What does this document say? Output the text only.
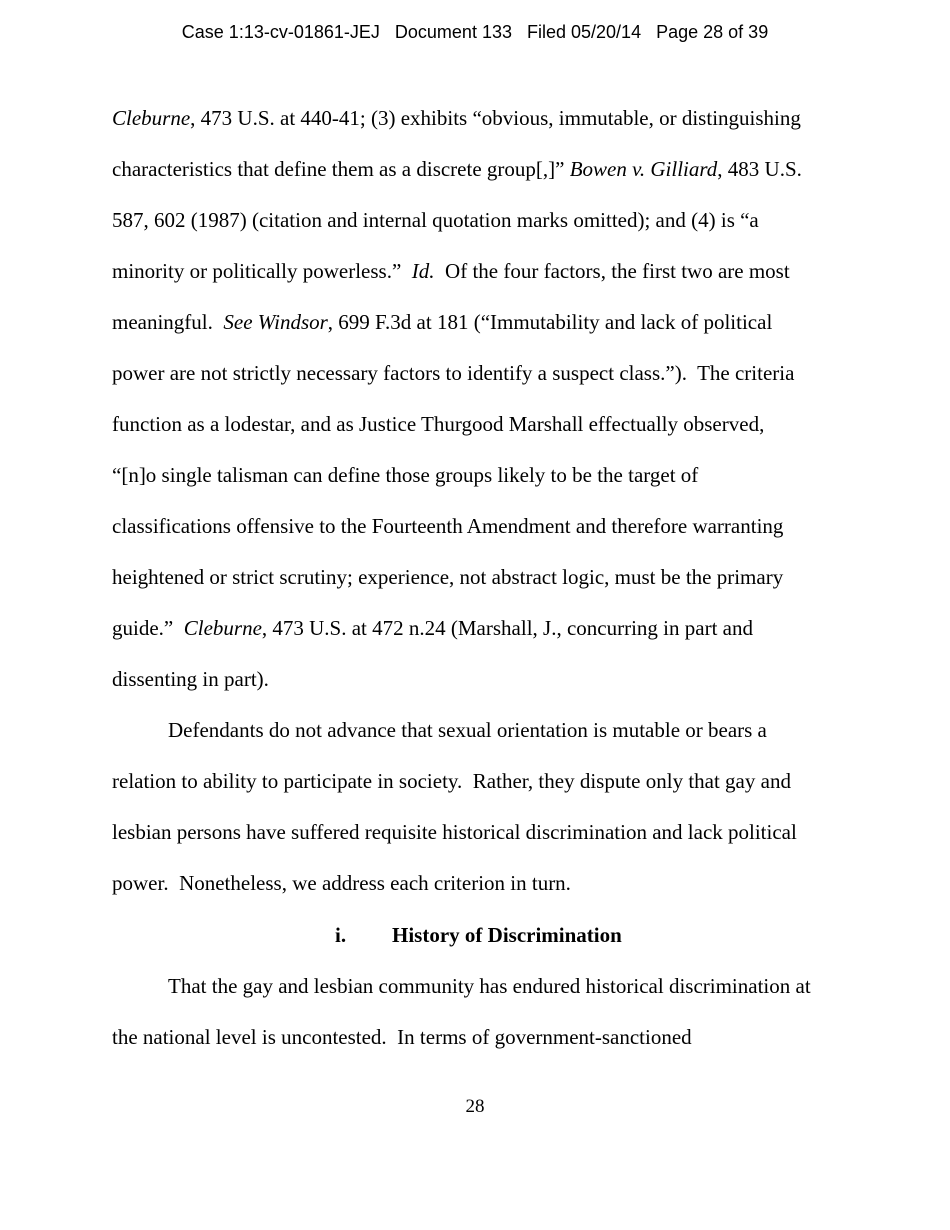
Case 1:13-cv-01861-JEJ Document 133 Filed 05/20/14 Page 28 of 39
Cleburne, 473 U.S. at 440-41; (3) exhibits “obvious, immutable, or distinguishing
characteristics that define them as a discrete group[,]” Bowen v. Gilliard, 483 U.S.
587, 602 (1987) (citation and internal quotation marks omitted); and (4) is “a
minority or politically powerless.”  Id.  Of the four factors, the first two are most
meaningful.  See Windsor, 699 F.3d at 181 (“Immutability and lack of political
power are not strictly necessary factors to identify a suspect class.”).  The criteria
function as a lodestar, and as Justice Thurgood Marshall effectually observed,
“[n]o single talisman can define those groups likely to be the target of
classifications offensive to the Fourteenth Amendment and therefore warranting
heightened or strict scrutiny; experience, not abstract logic, must be the primary
guide.”  Cleburne, 473 U.S. at 472 n.24 (Marshall, J., concurring in part and
dissenting in part).
Defendants do not advance that sexual orientation is mutable or bears a
relation to ability to participate in society.  Rather, they dispute only that gay and
lesbian persons have suffered requisite historical discrimination and lack political
power.  Nonetheless, we address each criterion in turn.
i. History of Discrimination
That the gay and lesbian community has endured historical discrimination at
the national level is uncontested.  In terms of government-sanctioned
28
